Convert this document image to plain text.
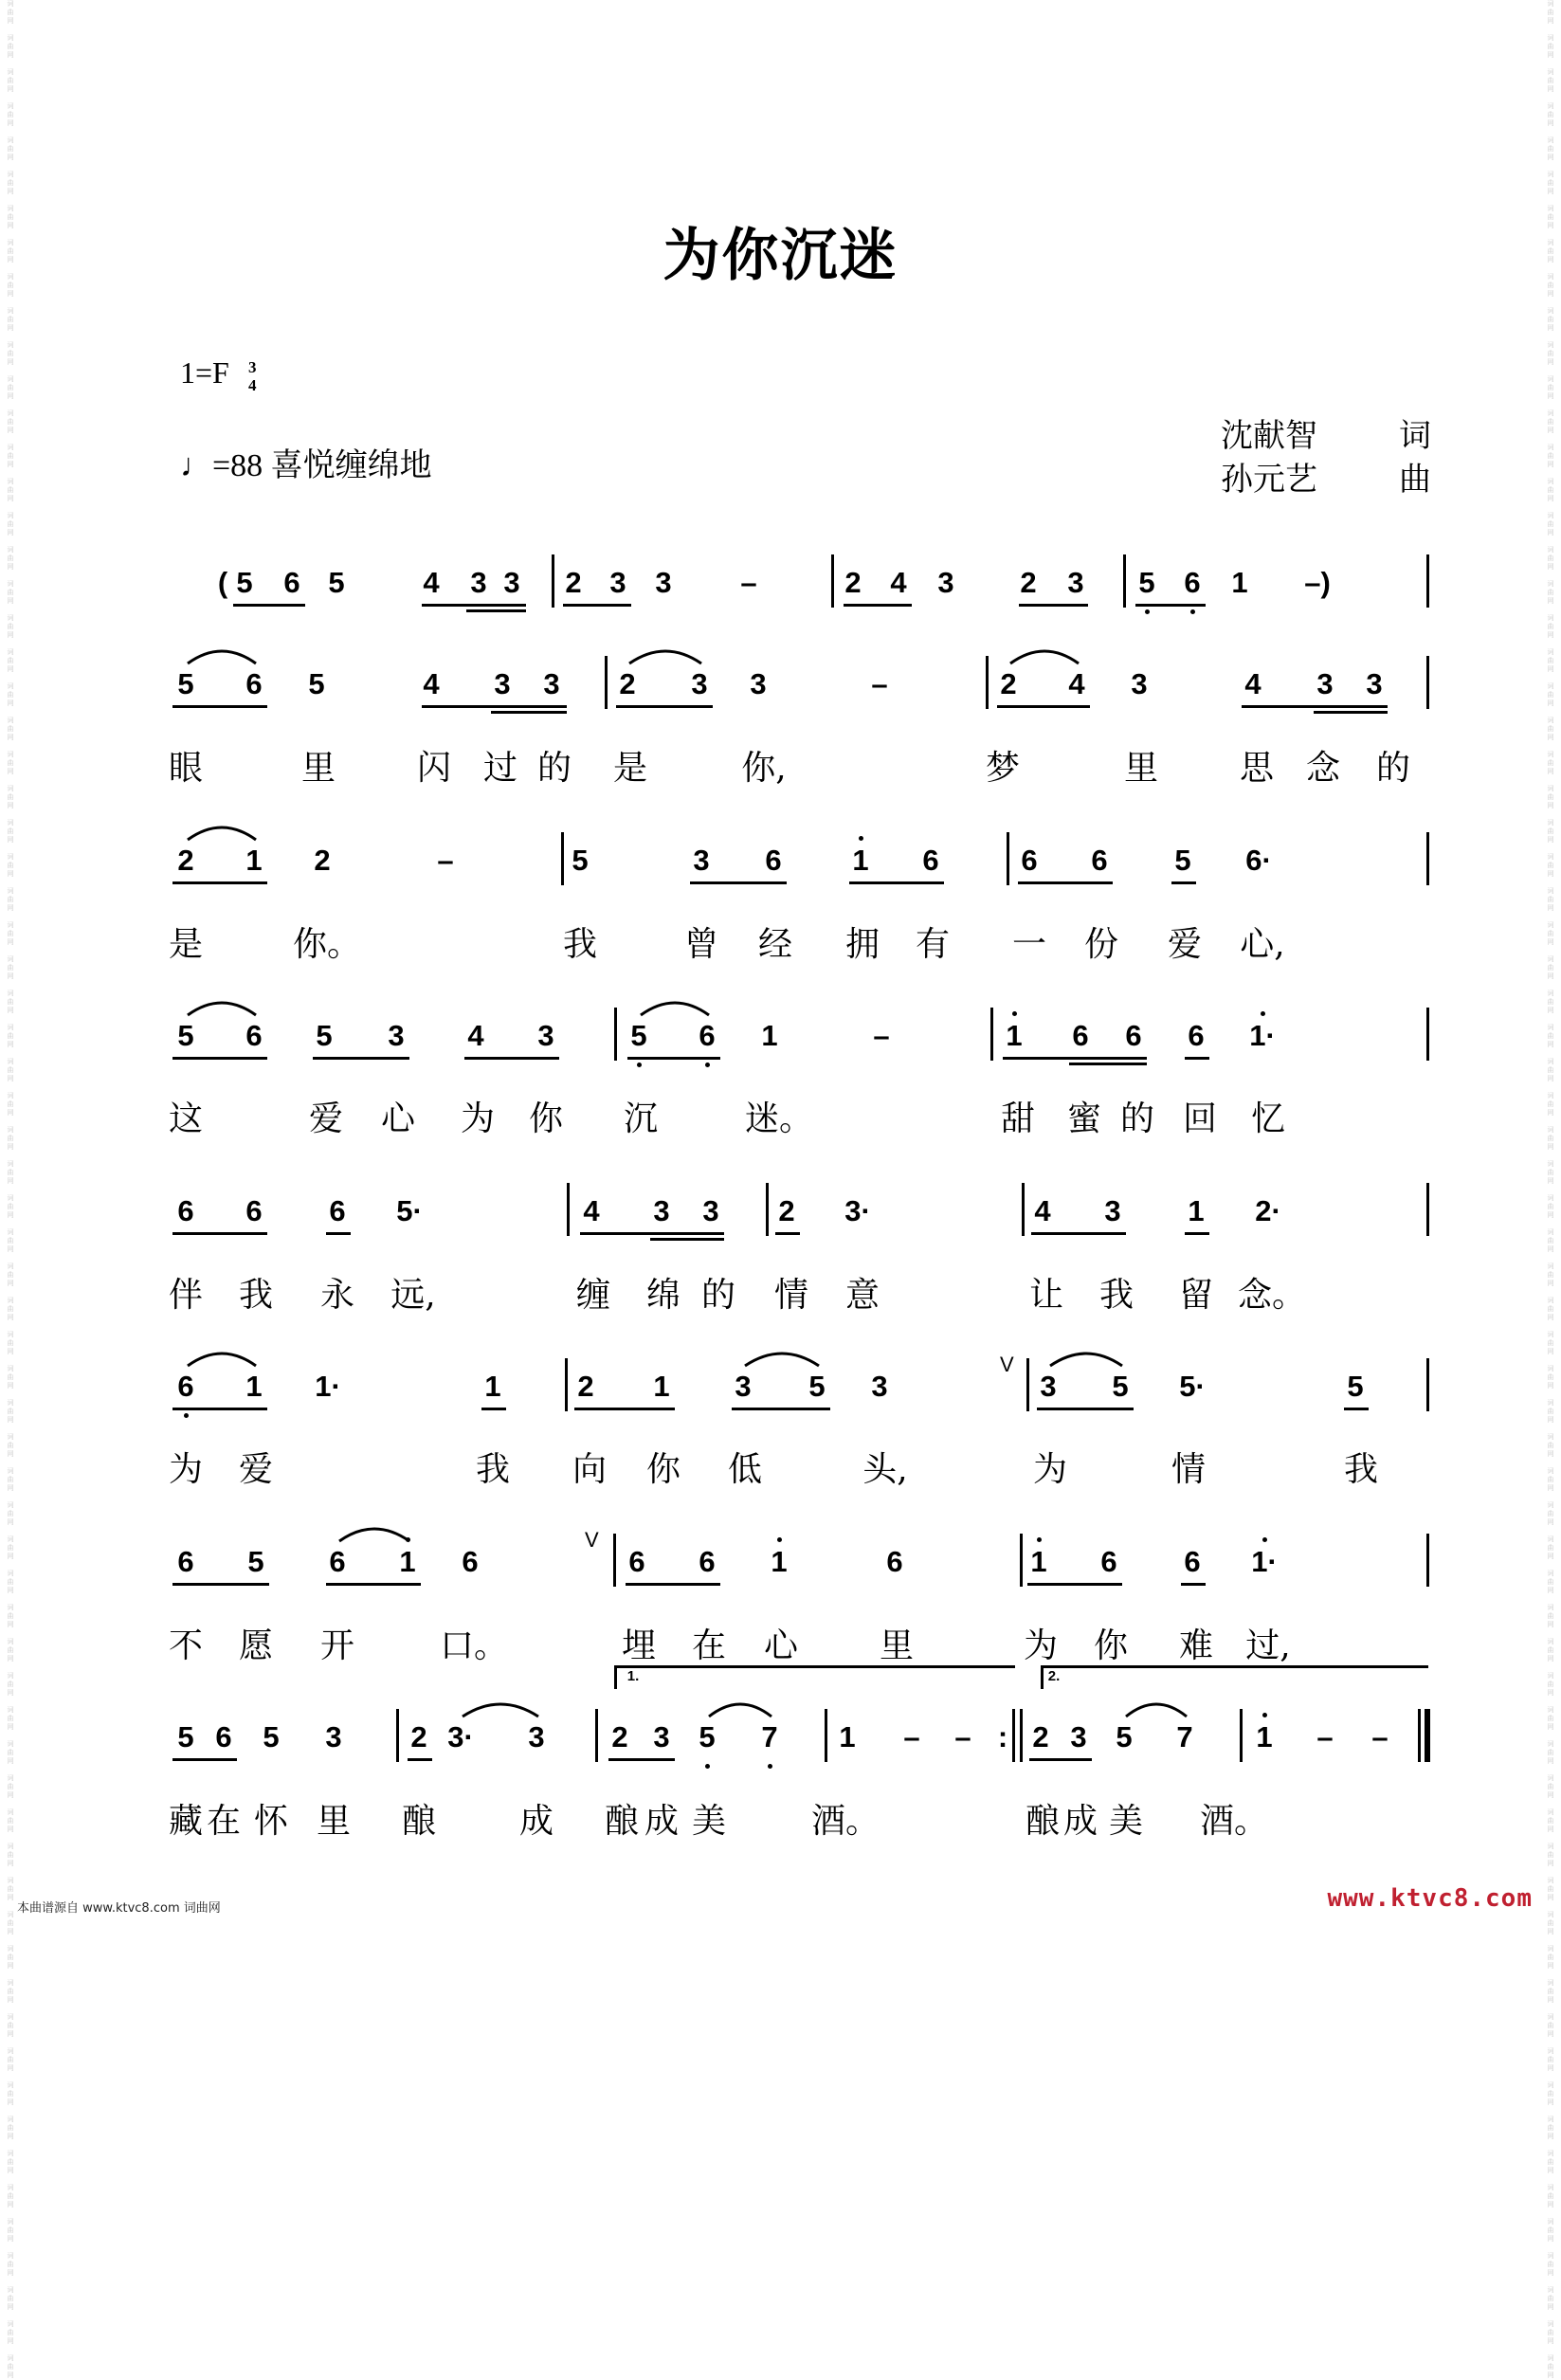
词
曲
网

词
曲
网

词
曲
网

词
曲
网

词
曲
网

词
曲
网

词
曲
网

词
曲
网

词
曲
网

词
曲
网

词
曲
网

词
曲
网

词
曲
网

词
曲
网

词
曲
网

词
曲
网

词
曲
网

词
曲
网

词
曲
网

词
曲
网

词
曲
网

词
曲
网

词
曲
网

词
曲
网

词
曲
网

词
曲
网

词
曲
网

词
曲
网

词
曲
网

词
曲
网

词
曲
网

词
曲
网

词
曲
网

词
曲
网

词
曲
网

词
曲
网

词
曲
网

词
曲
网

词
曲
网

词
曲
网

词
曲
网

词
曲
网

词
曲
网

词
曲
网

词
曲
网

词
曲
网

词
曲
网

词
曲
网

词
曲
网

词
曲
网

词
曲
网

词
曲
网

词
曲
网

词
曲
网

词
曲
网

词
曲
网

词
曲
网

词
曲
网

词
曲
网

词
曲
网

词
曲
网

词
曲
网

词
曲
网

词
曲
网

词
曲
网

词
曲
网

词
曲
网

词
曲
网

词
曲
网

词
曲
网

词
曲
网

词
曲
网

词
曲
网

词
曲
网

词
曲
网

词
曲
网

词
曲
网

词
曲
网

词
曲
网

词
曲
网

词
曲
网

词
曲
网

词
曲
网

词
曲
网

词
曲
网

词
曲
网

词
曲
网

词
曲
网

词
曲
网

词
曲
网

词
曲
网

词
曲
网

词
曲
网

词
曲
网

词
曲
网

词
曲
网

词
曲
网

词
曲
网

词
曲
网

词
曲
网

词
曲
网

词
曲
网

词
曲
网

词
曲
网

词
曲
网

词
曲
网

词
曲
网

词
曲
网

词
曲
网

词
曲
网

词
曲
网

词
曲
网

词
曲
网

词
曲
网

词
曲
网

词
曲
网

词
曲
网

词
曲
网

词
曲
网

词
曲
网

词
曲
网

词
曲
网

词
曲
网

词
曲
网

词
曲
网

词
曲
网

词
曲
网

词
曲
网

词
曲
网

词
曲
网

词
曲
网

词
曲
网

词
曲
网

词
曲
网

词
曲
网

词
曲
网

词
曲
网

词
曲
网

词
曲
网

词
曲
网

为你沉迷
1=F 3
4
♩=88 喜悦缠绵地
沈献智	词
孙元艺	曲
( 5 6 5	4 3 3 2 3 3 –	2 4 3 2 3 5 6 1 –)
5 6 5	4 3 3 2 3 3	–	2 4 3	4 3 3
眼	里 闪 过 的 是	你,	梦	里 思 念 的
2 1 2	–	5	3 6 1 6	6 6 5 6·
是	你。	我	曾 经 拥 有 一 份 爱 心,
5 6 5 3 4 3	5 6 1	–	1 6 6 6 1·
这	爱 心 为 你 沉	迷。	甜 蜜 的 回 忆
6 6 6 5·	4 3 3 2 3·	4 3 1 2·
伴 我 永 远,	缠 绵 的 情 意	让 我 留 念。
6 1 1·	1	2 1 3 5 3
V
3 5 5·	5
为 爱	我 向 你 低	头,	为	情	我
6 5 6 1 6
V
6 6 1	6	1 6 6 1·
不 愿 开 口。	埋 在 心 里	为 你 难 过,
5 6 5 3 2 3· 3
1.
2 3 5 7 1 – – :
2.
2 3 5 7 1 – –
藏 在 怀 里 酿 成 酿 成 美 酒。	酿 成 美 酒。
本曲谱源自 www.ktvc8.com 词曲网	www.ktvc8.com
